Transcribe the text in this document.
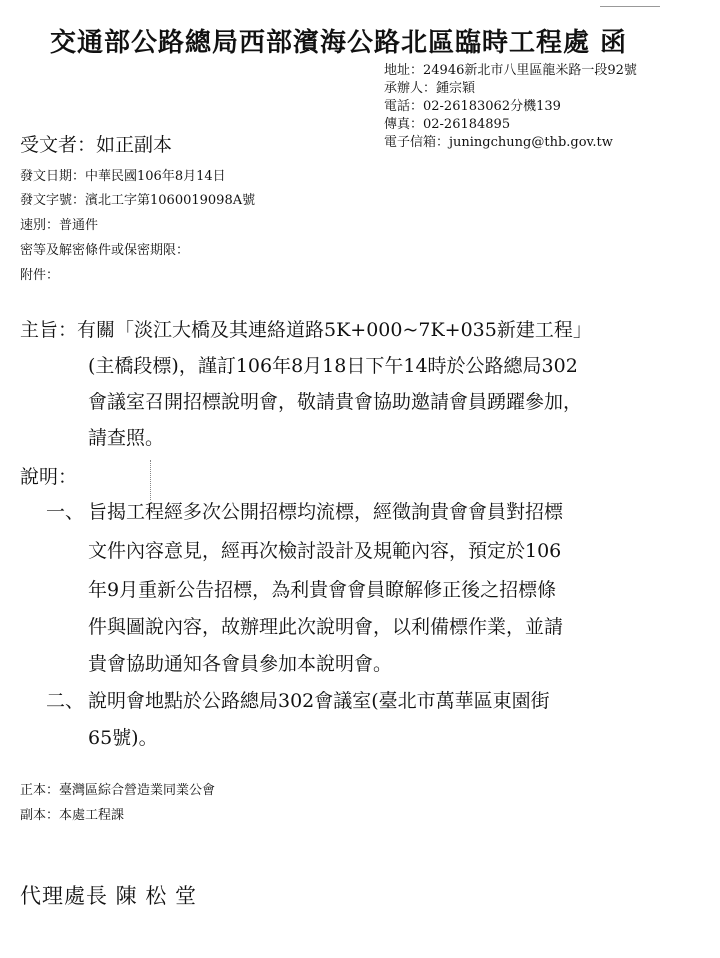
交通部公路總局西部濱海公路北區臨時工程處 函
地址：24946新北市八里區龍米路一段92號
承辦人：鍾宗穎
電話：02-26183062分機139
傳真：02-26184895
電子信箱：juningchung@thb.gov.tw
受文者：如正副本
發文日期：中華民國106年8月14日
發文字號：濱北工字第1060019098A號
速別：普通件
密等及解密條件或保密期限：
附件：
主旨：有關「淡江大橋及其連絡道路5K+000~7K+035新建工程」
(主橋段標)，謹訂106年8月18日下午14時於公路總局302
會議室召開招標說明會，敬請貴會協助邀請會員踴躍參加，
請查照。
說明：
一、 旨揭工程經多次公開招標均流標，經徵詢貴會會員對招標
文件內容意見，經再次檢討設計及規範內容，預定於106
年9月重新公告招標，為利貴會會員瞭解修正後之招標條
件與圖說內容，故辦理此次說明會，以利備標作業，並請
貴會協助通知各會員參加本說明會。
二、 說明會地點於公路總局302會議室(臺北市萬華區東園街
65號)。
正本：臺灣區綜合營造業同業公會
副本：本處工程課
代理處長 陳 松 堂
